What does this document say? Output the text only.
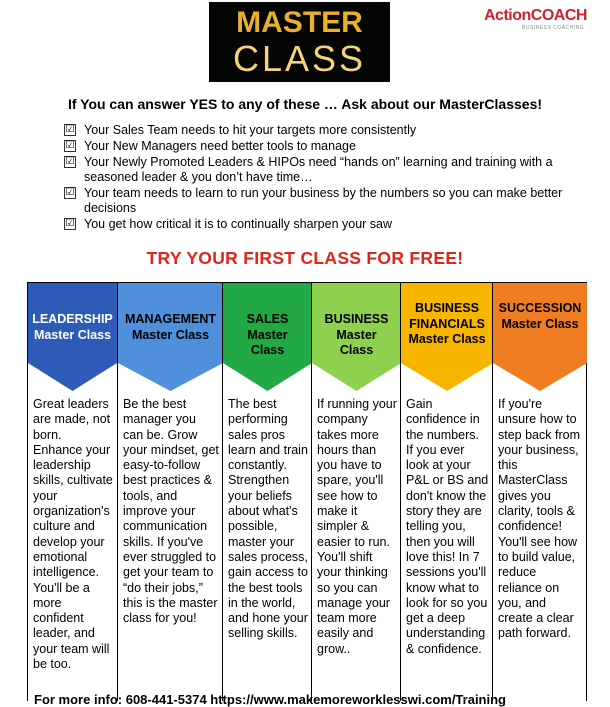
MASTER
CLASS
ActionCOACH
BUSINESS COACHING
If You can answer YES to any of these … Ask about our MasterClasses!
☑ Your Sales Team needs to hit your targets more consistently
☑ Your New Managers need better tools to manage
☑ Your Newly Promoted Leaders & HIPOs need “hands on” learning and training with a seasoned leader & you don’t have time…
☑ Your team needs to learn to run your business by the numbers so you can make better decisions
☑ You get how critical it is to continually sharpen your saw
TRY YOUR FIRST CLASS FOR FREE!
LEADERSHIP
Master Class
Great leaders are made, not born. Enhance your leadership skills, cultivate your organization's culture and develop your emotional intelligence. You'll be a more confident leader, and your team will be too.
MANAGEMENT
Master Class
Be the best manager you can be. Grow your mindset, get easy-to-follow best practices & tools, and improve your communication skills. If you've ever struggled to get your team to “do their jobs,” this is the master class for you!
SALES
Master
Class
The best performing sales pros learn and train constantly. Strengthen your beliefs about what's possible, master your sales process, gain access to the best tools in the world, and hone your selling skills.
BUSINESS
Master
Class
If running your company takes more hours than you have to spare, you'll see how to make it simpler & easier to run. You'll shift your thinking so you can manage your team more easily and grow..
BUSINESS
FINANCIALS
Master Class
Gain confidence in the numbers. If you ever look at your P&L or BS and don't know the story they are telling you, then you will love this! In 7 sessions you'll know what to look for so you get a deep understanding & confidence.
SUCCESSION
Master Class
If you're unsure how to step back from your business, this MasterClass gives you clarity, tools & confidence! You'll see how to build value, reduce reliance on you, and create a clear path forward.
For more info: 608-441-5374 https://www.makemoreworklesswi.com/Training
